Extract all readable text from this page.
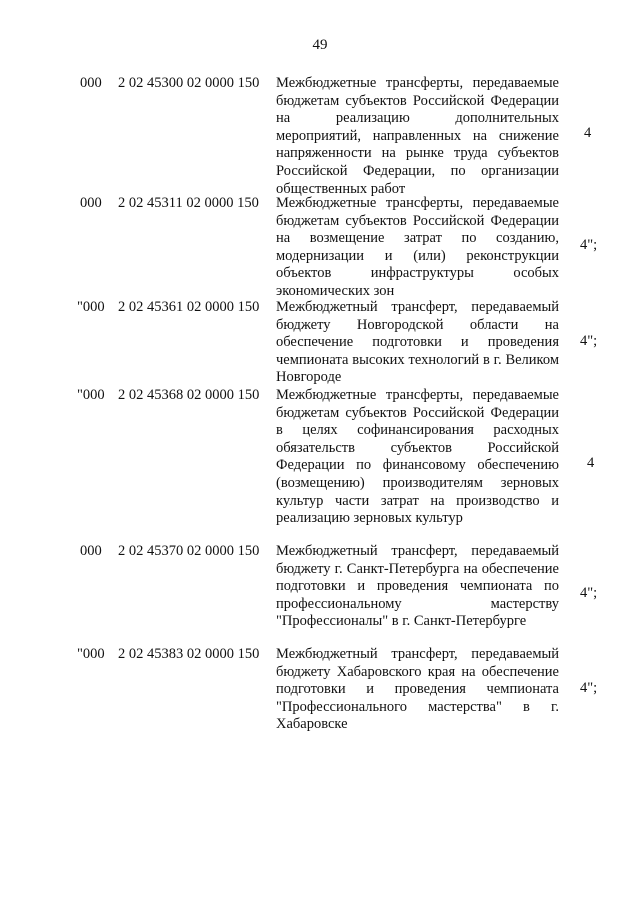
49
000 2 02 45300 02 0000 150 Межбюджетные трансферты, передаваемые бюджетам субъектов Российской Федерации на реализацию дополнительных мероприятий, направленных на снижение напряженности на рынке труда субъектов Российской Федерации, по организации общественных работ
4
000 2 02 45311 02 0000 150 Межбюджетные трансферты, передаваемые бюджетам субъектов Российской Федерации на возмещение затрат по созданию, модернизации и (или) реконструкции объектов инфраструктуры особых экономических зон
4";
"000 2 02 45361 02 0000 150 Межбюджетный трансферт, передаваемый бюджету Новгородской области на обеспечение подготовки и проведения чемпионата высоких технологий в г. Великом Новгороде
4";
"000 2 02 45368 02 0000 150 Межбюджетные трансферты, передаваемые бюджетам субъектов Российской Федерации в целях софинансирования расходных обязательств субъектов Российской Федерации по финансовому обеспечению (возмещению) производителям зерновых культур части затрат на производство и реализацию зерновых культур
4
000 2 02 45370 02 0000 150 Межбюджетный трансферт, передаваемый бюджету г. Санкт-Петербурга на обеспечение подготовки и проведения чемпионата по профессиональному мастерству "Профессионалы" в г. Санкт-Петербурге
4";
"000 2 02 45383 02 0000 150 Межбюджетный трансферт, передаваемый бюджету Хабаровского края на обеспечение подготовки и проведения чемпионата "Профессионального мастерства" в г. Хабаровске
4";
